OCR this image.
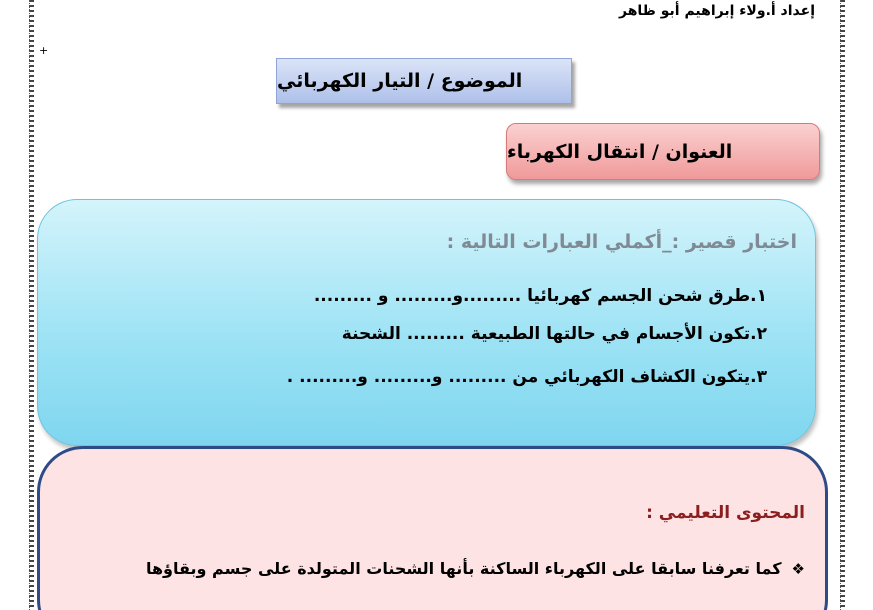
+
إعداد أ.ولاء إبراهيم أبو ظاهر
الموضوع / التيار الكهربائي
العنوان / انتقال الكهرباء
اختبار قصير :_أكملي العبارات التالية :
١.طرق شحن الجسم كهربائيا .........و......... و .........
٢.تكون الأجسام في حالتها الطبيعية ......... الشحنة
٣.يتكون الكشاف الكهربائي من ......... و......... و......... .
المحتوى التعليمي :
❖
كما تعرفنا سابقا على الكهرباء الساكنة بأنها الشحنات المتولدة على جسم وبقاؤها
